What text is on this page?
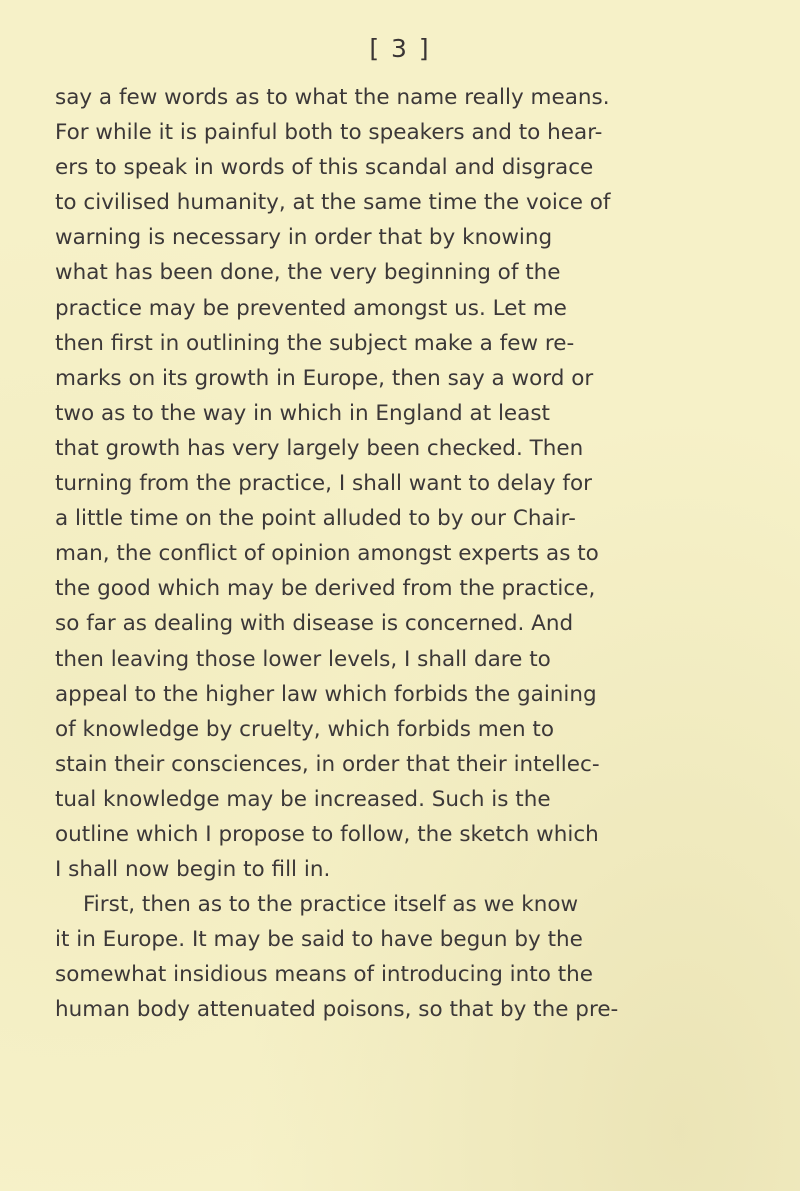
[ 3 ]
say a few words as to what the name really means.
For while it is painful both to speakers and to hear-
ers to speak in words of this scandal and disgrace
to civilised humanity, at the same time the voice of
warning is necessary in order that by knowing
what has been done, the very beginning of the
practice may be prevented amongst us. Let me
then first in outlining the subject make a few re-
marks on its growth in Europe, then say a word or
two as to the way in which in England at least
that growth has very largely been checked. Then
turning from the practice, I shall want to delay for
a little time on the point alluded to by our Chair-
man, the conflict of opinion amongst experts as to
the good which may be derived from the practice,
so far as dealing with disease is concerned. And
then leaving those lower levels, I shall dare to
appeal to the higher law which forbids the gaining
of knowledge by cruelty, which forbids men to
stain their consciences, in order that their intellec-
tual knowledge may be increased. Such is the
outline which I propose to follow, the sketch which
I shall now begin to fill in.
First, then as to the practice itself as we know
it in Europe. It may be said to have begun by the
somewhat insidious means of introducing into the
human body attenuated poisons, so that by the pre-
